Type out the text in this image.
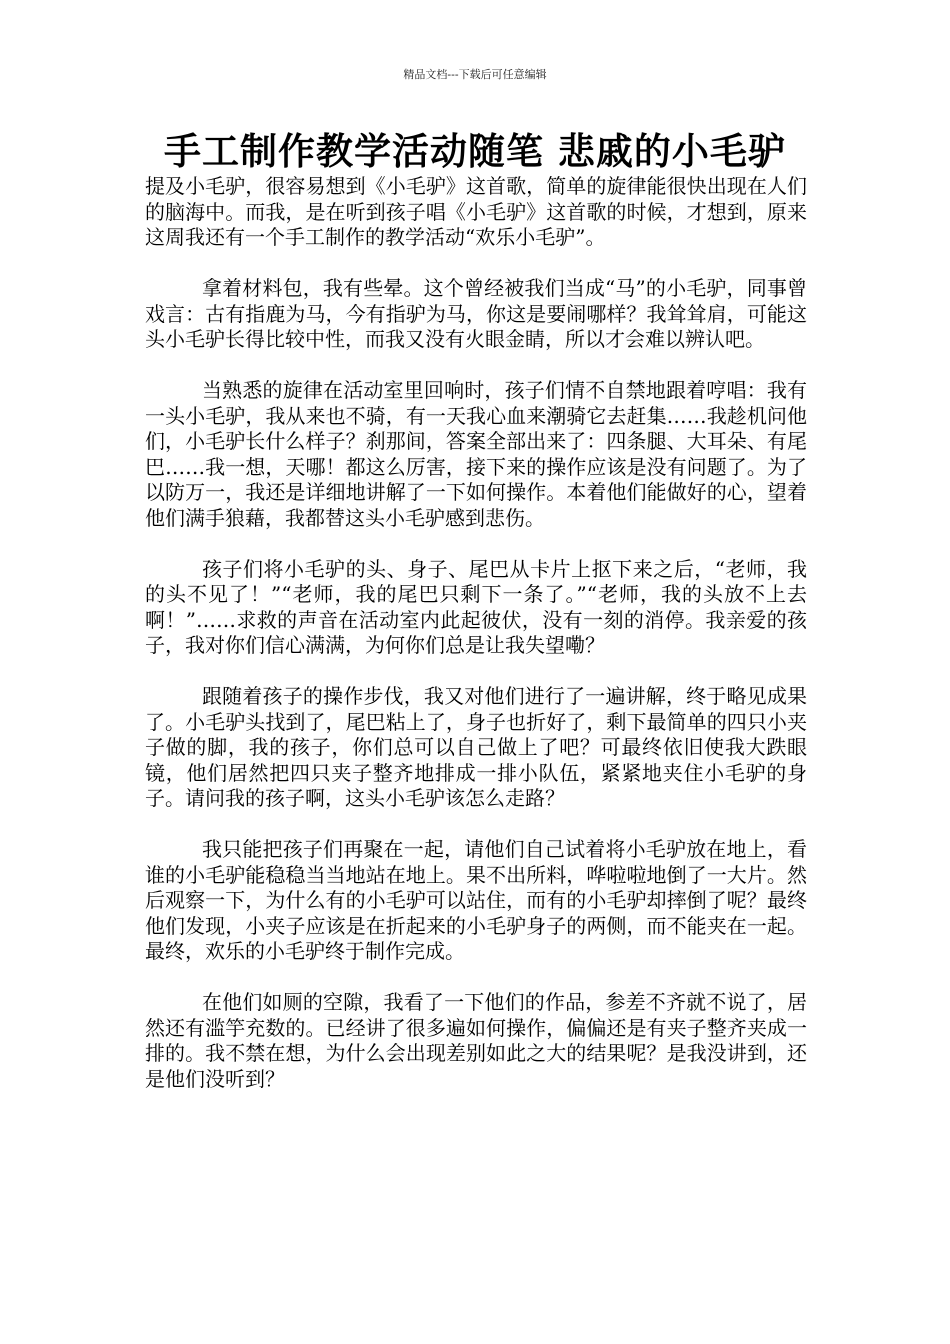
精品文档---下载后可任意编辑
手工制作教学活动随笔 悲戚的小毛驴

提及小毛驴，很容易想到《小毛驴》这首歌，简单的旋律能很快出现在人们的脑海中。而我，是在听到孩子唱《小毛驴》这首歌的时候，才想到，原来这周我还有一个手工制作的教学活动“欢乐小毛驴”。

拿着材料包，我有些晕。这个曾经被我们当成“马”的小毛驴，同事曾戏言：古有指鹿为马，今有指驴为马，你这是要闹哪样？我耸耸肩，可能这头小毛驴长得比较中性，而我又没有火眼金睛，所以才会难以辨认吧。

当熟悉的旋律在活动室里回响时，孩子们情不自禁地跟着哼唱：我有一头小毛驴，我从来也不骑，有一天我心血来潮骑它去赶集……我趁机问他们，小毛驴长什么样子？刹那间，答案全部出来了：四条腿、大耳朵、有尾巴……我一想，天哪！都这么厉害，接下来的操作应该是没有问题了。为了以防万一，我还是详细地讲解了一下如何操作。本着他们能做好的心，望着他们满手狼藉，我都替这头小毛驴感到悲伤。

孩子们将小毛驴的头、身子、尾巴从卡片上抠下来之后，“老师，我的头不见了！”“老师，我的尾巴只剩下一条了。”“老师，我的头放不上去啊！”……求救的声音在活动室内此起彼伏，没有一刻的消停。我亲爱的孩子，我对你们信心满满，为何你们总是让我失望嘞？

跟随着孩子的操作步伐，我又对他们进行了一遍讲解，终于略见成果了。小毛驴头找到了，尾巴粘上了，身子也折好了，剩下最简单的四只小夹子做的脚，我的孩子，你们总可以自己做上了吧？可最终依旧使我大跌眼镜，他们居然把四只夹子整齐地排成一排小队伍，紧紧地夹住小毛驴的身子。请问我的孩子啊，这头小毛驴该怎么走路？

我只能把孩子们再聚在一起，请他们自己试着将小毛驴放在地上，看谁的小毛驴能稳稳当当地站在地上。果不出所料，哗啦啦地倒了一大片。然后观察一下，为什么有的小毛驴可以站住，而有的小毛驴却摔倒了呢？最终他们发现，小夹子应该是在折起来的小毛驴身子的两侧，而不能夹在一起。最终，欢乐的小毛驴终于制作完成。

在他们如厕的空隙，我看了一下他们的作品，参差不齐就不说了，居然还有滥竽充数的。已经讲了很多遍如何操作，偏偏还是有夹子整齐夹成一排的。我不禁在想，为什么会出现差别如此之大的结果呢？是我没讲到，还是他们没听到？
